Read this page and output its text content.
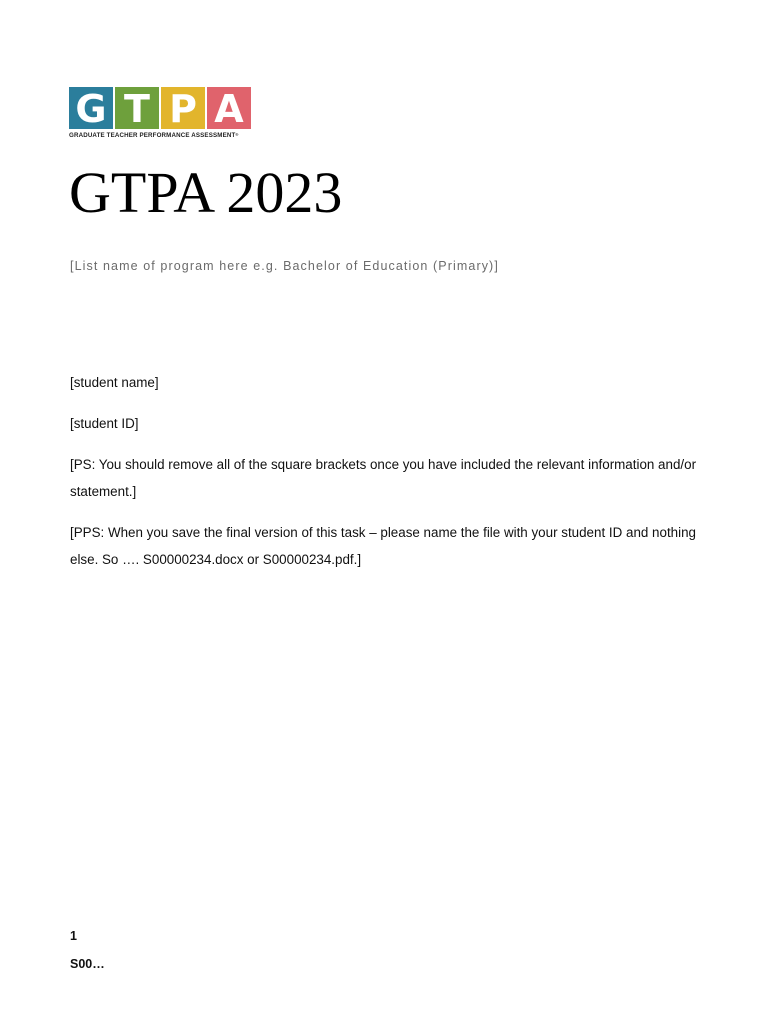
G T P A
GRADUATE TEACHER PERFORMANCE ASSESSMENT®
GTPA 2023
[List name of program here e.g. Bachelor of Education (Primary)]
[student name]
[student ID]
[PS: You should remove all of the square brackets once you have included the relevant information and/or statement.]
[PPS: When you save the final version of this task – please name the file with your student ID and nothing else. So …. S00000234.docx or S00000234.pdf.]
1
S00…
